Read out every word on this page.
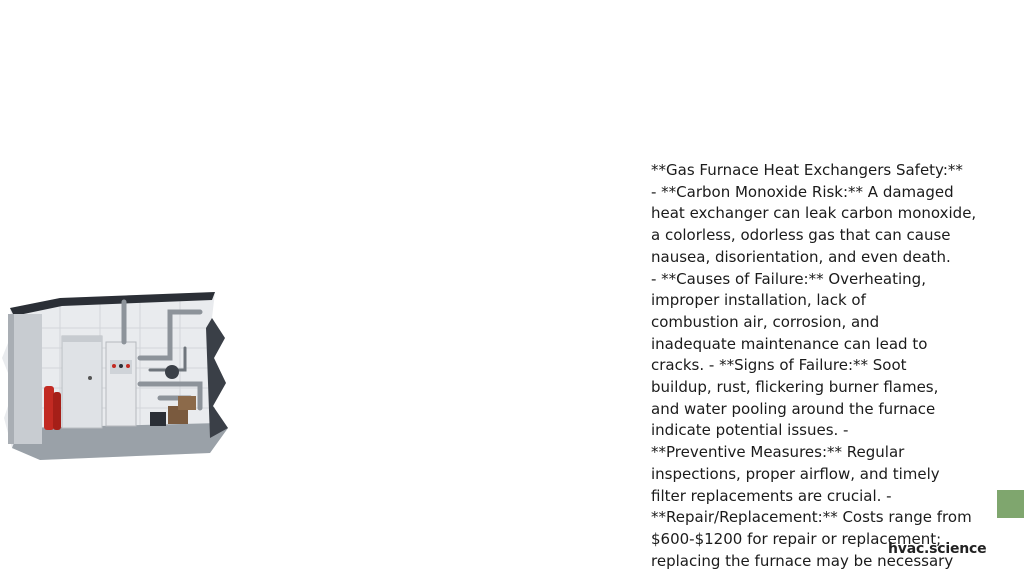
**Gas Furnace Heat Exchangers Safety:**
- **Carbon Monoxide Risk:** A damaged
heat exchanger can leak carbon monoxide,
a colorless, odorless gas that can cause
nausea, disorientation, and even death.
- **Causes of Failure:** Overheating,
improper installation, lack of
combustion air, corrosion, and
inadequate maintenance can lead to
cracks. - **Signs of Failure:** Soot
buildup, rust, flickering burner flames,
and water pooling around the furnace
indicate potential issues. -
**Preventive Measures:** Regular
inspections, proper airflow, and timely
filter replacements are crucial. -
**Repair/Replacement:** Costs range from
$600-$1200 for repair or replacement;
replacing the furnace may be necessary

hvac.science
